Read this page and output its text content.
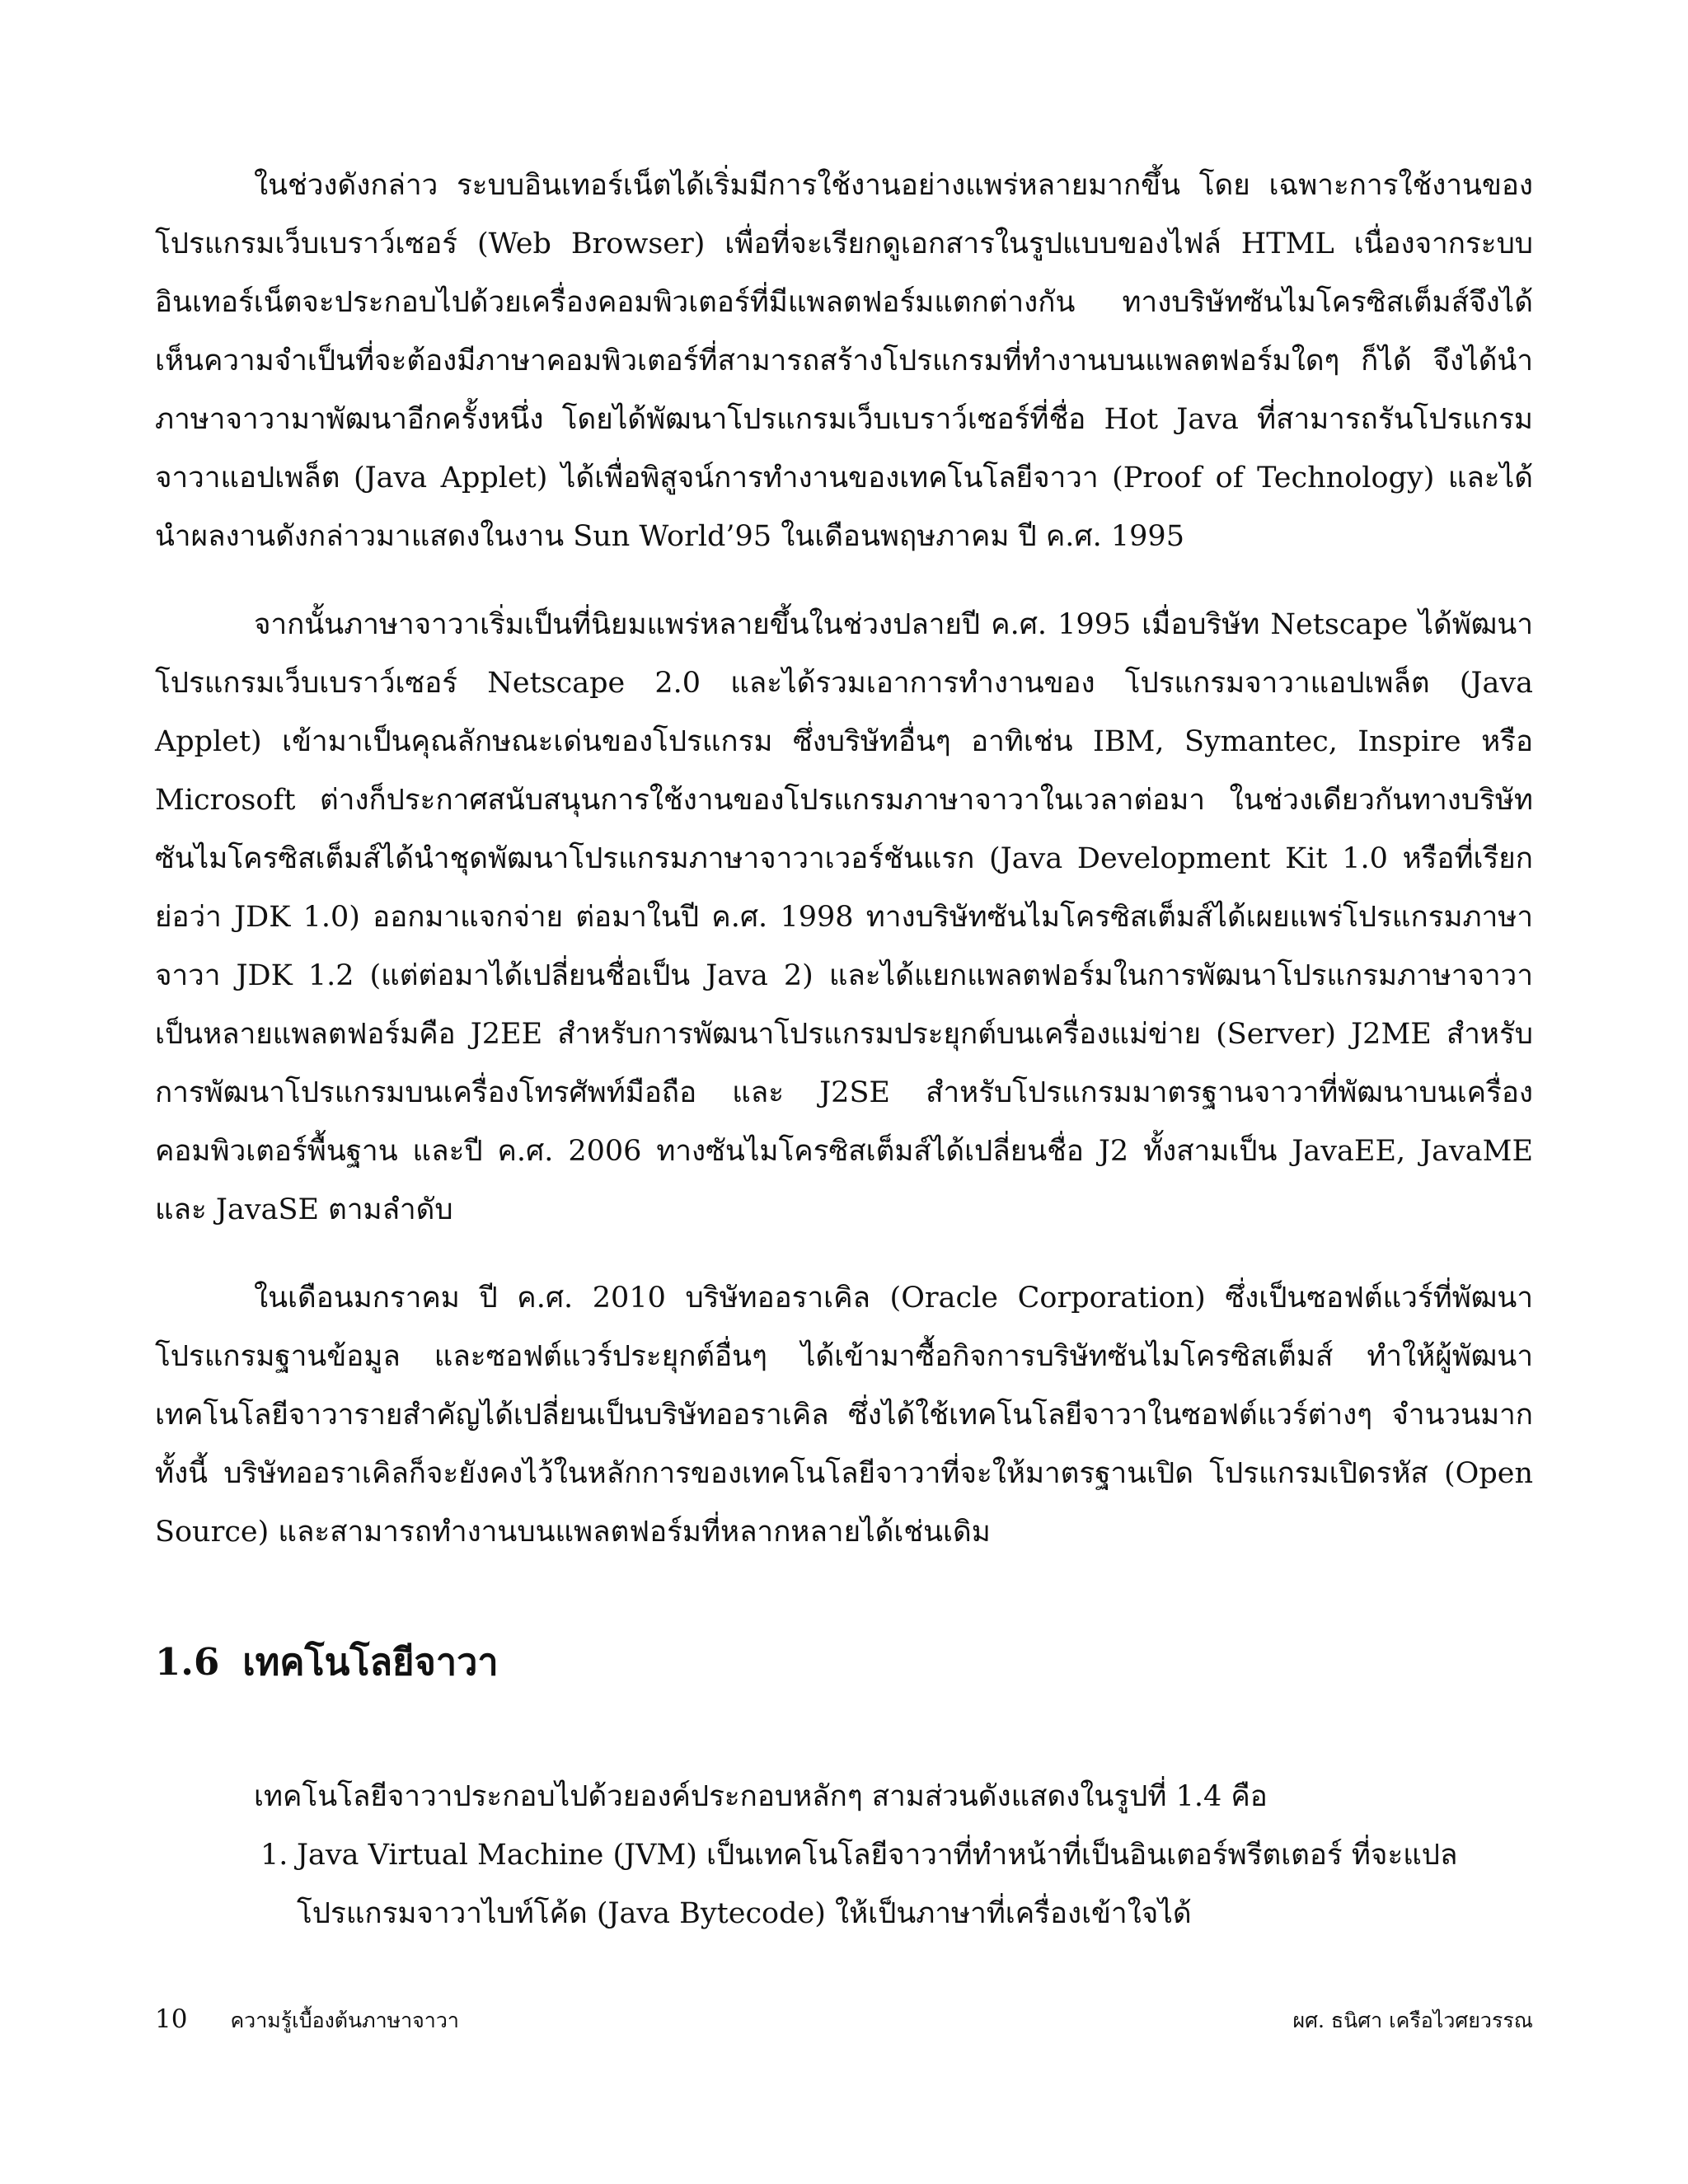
ในช่วงดังกล่าว ระบบอินเทอร์เน็ตได้เริ่มมีการใช้งานอย่างแพร่หลายมากขึ้น โดย เฉพาะการใช้งานของโปรแกรมเว็บเบราว์เซอร์ (Web Browser) เพื่อที่จะเรียกดูเอกสารในรูปแบบของไฟล์ HTML เนื่องจากระบบอินเทอร์เน็ตจะประกอบไปด้วยเครื่องคอมพิวเตอร์ที่มีแพลตฟอร์มแตกต่างกัน ทางบริษัทซันไมโครซิสเต็มส์จึงได้เห็นความจำเป็นที่จะต้องมีภาษาคอมพิวเตอร์ที่สามารถสร้างโปรแกรมที่ทำงานบนแพลตฟอร์มใดๆ ก็ได้ จึงได้นำภาษาจาวามาพัฒนาอีกครั้งหนึ่ง โดยได้พัฒนาโปรแกรมเว็บเบราว์เซอร์ที่ชื่อ Hot Java ที่สามารถรันโปรแกรมจาวาแอปเพล็ต (Java Applet) ได้เพื่อพิสูจน์การทำงานของเทคโนโลยีจาวา (Proof of Technology) และได้นำผลงานดังกล่าวมาแสดงในงาน Sun World’95 ในเดือนพฤษภาคม ปี ค.ศ. 1995

จากนั้นภาษาจาวาเริ่มเป็นที่นิยมแพร่หลายขึ้นในช่วงปลายปี ค.ศ. 1995 เมื่อบริษัท Netscape ได้พัฒนาโปรแกรมเว็บเบราว์เซอร์ Netscape 2.0 และได้รวมเอาการทำงานของ โปรแกรมจาวาแอปเพล็ต (Java Applet) เข้ามาเป็นคุณลักษณะเด่นของโปรแกรม ซึ่งบริษัทอื่นๆ อาทิเช่น IBM, Symantec, Inspire หรือ Microsoft ต่างก็ประกาศสนับสนุนการใช้งานของโปรแกรมภาษาจาวาในเวลาต่อมา ในช่วงเดียวกันทางบริษัทซันไมโครซิสเต็มส์ได้นำชุดพัฒนาโปรแกรมภาษาจาวาเวอร์ชันแรก (Java Development Kit 1.0 หรือที่เรียกย่อว่า JDK 1.0) ออกมาแจกจ่าย ต่อมาในปี ค.ศ. 1998 ทางบริษัทซันไมโครซิสเต็มส์ได้เผยแพร่โปรแกรมภาษาจาวา JDK 1.2 (แต่ต่อมาได้เปลี่ยนชื่อเป็น Java 2) และได้แยกแพลตฟอร์มในการพัฒนาโปรแกรมภาษาจาวาเป็นหลายแพลตฟอร์มคือ J2EE สำหรับการพัฒนาโปรแกรมประยุกต์บนเครื่องแม่ข่าย (Server) J2ME สำหรับการพัฒนาโปรแกรมบนเครื่องโทรศัพท์มือถือ และ J2SE สำหรับโปรแกรมมาตรฐานจาวาที่พัฒนาบนเครื่องคอมพิวเตอร์พื้นฐาน และปี ค.ศ. 2006 ทางซันไมโครซิสเต็มส์ได้เปลี่ยนชื่อ J2 ทั้งสามเป็น JavaEE, JavaME และ JavaSE ตามลำดับ

ในเดือนมกราคม ปี ค.ศ. 2010 บริษัทออราเคิล (Oracle Corporation) ซึ่งเป็นซอฟต์แวร์ที่พัฒนาโปรแกรมฐานข้อมูล และซอฟต์แวร์ประยุกต์อื่นๆ ได้เข้ามาซื้อกิจการบริษัทซันไมโครซิสเต็มส์ ทำให้ผู้พัฒนาเทคโนโลยีจาวารายสำคัญได้เปลี่ยนเป็นบริษัทออราเคิล ซึ่งได้ใช้เทคโนโลยีจาวาในซอฟต์แวร์ต่างๆ จำนวนมาก ทั้งนี้ บริษัทออราเคิลก็จะยังคงไว้ในหลักการของเทคโนโลยีจาวาที่จะให้มาตรฐานเปิด โปรแกรมเปิดรหัส (Open Source) และสามารถทำงานบนแพลตฟอร์มที่หลากหลายได้เช่นเดิม

1.6 เทคโนโลยีจาวา

เทคโนโลยีจาวาประกอบไปด้วยองค์ประกอบหลักๆ สามส่วนดังแสดงในรูปที่ 1.4 คือ

1. Java Virtual Machine (JVM) เป็นเทคโนโลยีจาวาที่ทำหน้าที่เป็นอินเตอร์พรีตเตอร์ ที่จะแปลโปรแกรมจาวาไบท์โค้ด (Java Bytecode) ให้เป็นภาษาที่เครื่องเข้าใจได้
10 ความรู้เบื้องต้นภาษาจาวา	ผศ. ธนิศา เครือไวศยวรรณ
